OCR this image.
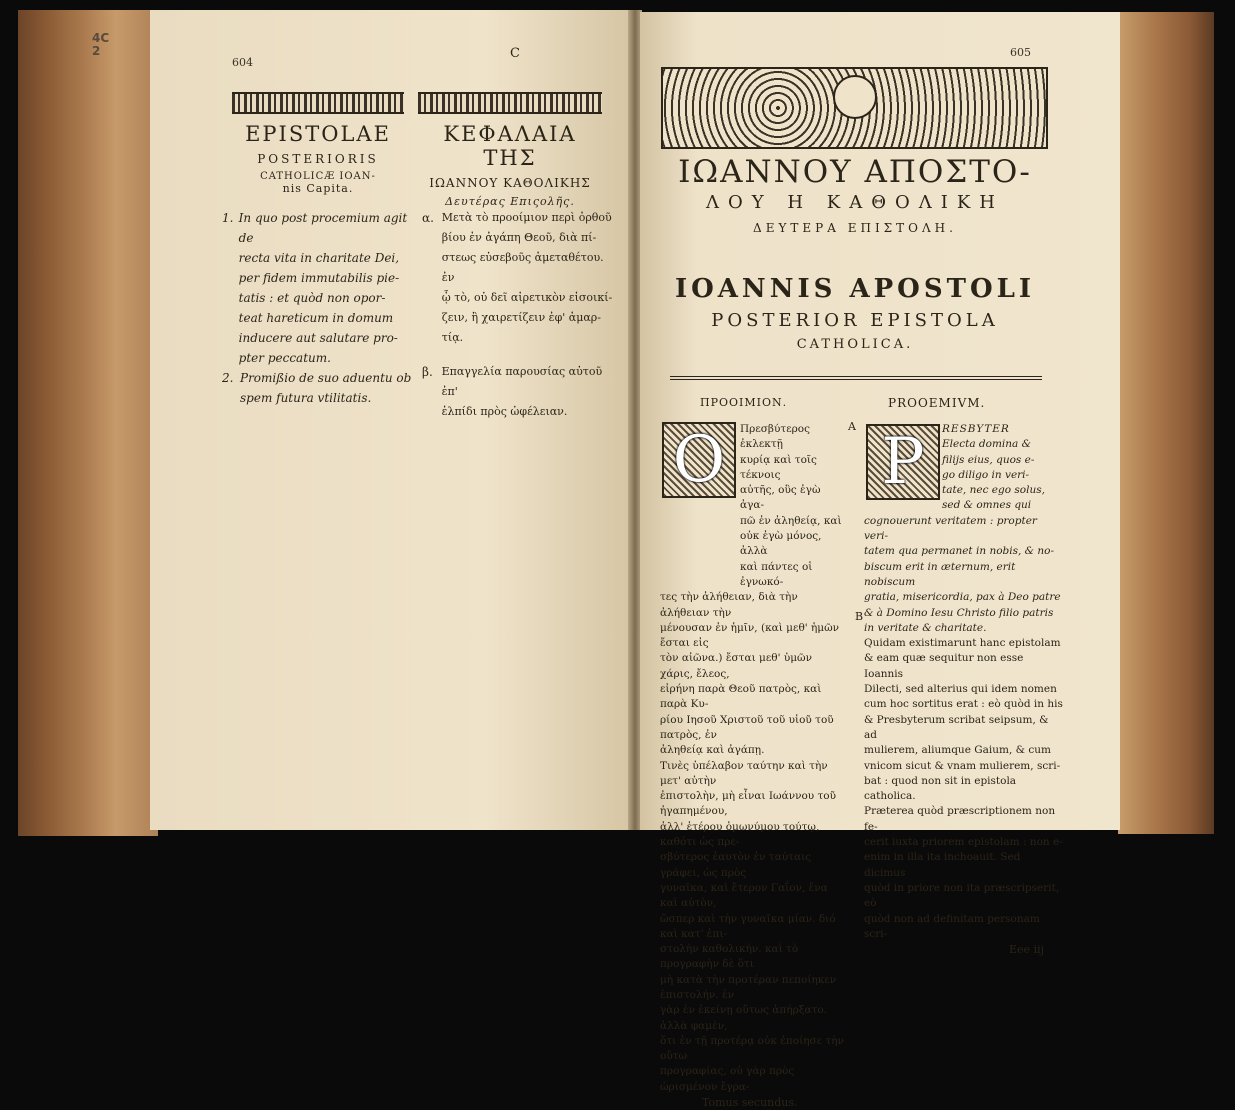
604
4C
2	C
EPISTOLAE
POSTERIORIS
CATHOLICÆ IOAN-
nis Capita.
ΚΕΦΑΛΑΙΑ ΤΗΣ
ΙΩΑΝΝΟΥ ΚΑΘΟΛΙΚΗΣ
Δευτέρας Επιςολῆς.
1. In quo post procemium agit de
recta vita in charitate Dei,
per fidem immutabilis pie-
tatis : et quòd non opor-
teat hareticum in domum
inducere aut salutare pro-
pter peccatum.
2. Promißio de suo aduentu ob
spem futura vtilitatis.
α. Μετὰ τὸ προοίμιον περὶ ὀρθοῦ
βίου ἐν ἀγάπη Θεοῦ, διὰ πί-
στεως εὐσεβοῦς ἀμεταθέτου. ἐν
ᾧ τὸ, οὐ δεῖ αἱρετικὸν εἰσοικί-
ζειν, ἢ χαιρετίζειν ἐφ' ἁμαρ-
τίᾳ.
β. Επαγγελία παρουσίας αὐτοῦ ἐπ'
ἐλπίδι πρὸς ὠφέλειαν.
605
ΙΩΑΝΝΟΥ ΑΠΟΣΤΟ-
ΛΟΥ Η ΚΑΘΟΛΙΚΗ
ΔΕΥΤΕΡΑ ΕΠΙΣΤΟΛΗ.
IOANNIS APOSTOLI
POSTERIOR EPISTOLA
CATHOLICA.
ΠΡΟΟΙΜΙΟΝ.	PROOEMIVM.
O	A
B
Πρεσβύτερος ἐκλεκτῇ
κυρίᾳ καὶ τοῖς τέκνοις
αὐτῆς, οὓς ἐγὼ ἀγα-
πῶ ἐν ἀληθείᾳ, καὶ
οὐκ ἐγὼ μόνος, ἀλλὰ
καὶ πάντες οἱ ἐγνωκό-
τες τὴν ἀλήθειαν, διὰ τὴν ἀλήθειαν τὴν
μένουσαν ἐν ἡμῖν, (καὶ μεθ' ἡμῶν ἔσται εἰς
τὸν αἰῶνα.) ἔσται μεθ' ὑμῶν χάρις, ἔλεος,
εἰρήνη παρὰ Θεοῦ πατρὸς, καὶ παρὰ Κυ-
ρίου Ιησοῦ Χριστοῦ τοῦ υἱοῦ τοῦ πατρὸς, ἐν
ἀληθείᾳ καὶ ἀγάπῃ.
Τινὲς ὑπέλαβον ταύτην καὶ τὴν μετ' αὐτὴν
ἐπιστολὴν, μὴ εἶναι Ιωάννου τοῦ ἠγαπημένου,
ἀλλ' ἑτέρου ὁμωνύμου τούτῳ, καθότι ὡς πρε-
σβύτερος ἑαυτὸν ἐν ταύταις γράφει, ὡς πρὸς
γυναῖκα, καὶ ἕτερον Γαΐον, ἕνα καὶ αὐτὸν,
ὥσπερ καὶ τὴν γυναῖκα μίαν. διό καὶ κατ' ἐπι-
στολὴν καθολικήν. καὶ τὸ προγραφὴν δὲ ὅτι
μὴ κατὰ τὴν προτέραν πεποίηκεν ἐπιστολήν. ἐν
γὰρ ἐν ἐκείνῃ οὕτως ἀπήρξατο. ἀλλὰ φαμὲν,
ὅτι ἐν τῇ προτέρᾳ οὐκ ἐποίησε τὴν οὕτω
προγραφίας, οὐ γὰρ πρὸς ὡρισμένον ἔγρα-
Tomus secundus.
P	RESBYTER
Electa domina &
filijs eius, quos e-
go diligo in veri-
tate, nec ego solus,
sed & omnes qui
cognouerunt veritatem : propter veri-
tatem qua permanet in nobis, & no-
biscum erit in æternum, erit nobiscum
gratia, misericordia, pax à Deo patre
& à Domino Iesu Christo filio patris
in veritate & charitate.
Quidam existimarunt hanc epistolam
& eam quæ sequitur non esse Ioannis
Dilecti, sed alterius qui idem nomen
cum hoc sortitus erat : eò quòd in his
& Presbyterum scribat seipsum, & ad
mulierem, aliumque Gaium, & cum
vnicom sicut & vnam mulierem, scri-
bat : quod non sit in epistola catholica.
Præterea quòd præscriptionem non fe-
cerit iuxta priorem epistolam : non e-
enim in illa ita inchoauit. Sed dicimus
quòd in priore non ita præscripserit, eò
quòd non ad definitam personam scri-
Eee iij
